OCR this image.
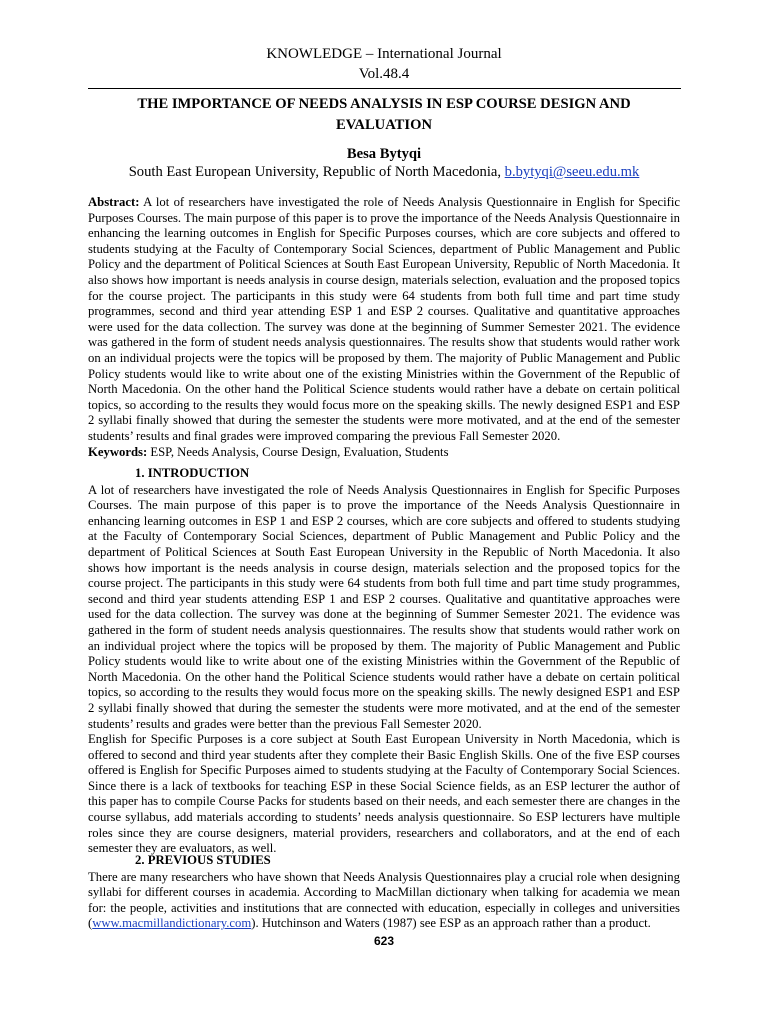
KNOWLEDGE – International Journal
Vol.48.4
THE IMPORTANCE OF NEEDS ANALYSIS IN ESP COURSE DESIGN AND EVALUATION
Besa Bytyqi
South East European University, Republic of North Macedonia, b.bytyqi@seeu.edu.mk

Abstract: A lot of researchers have investigated the role of Needs Analysis Questionnaire in English for Specific Purposes Courses. The main purpose of this paper is to prove the importance of the Needs Analysis Questionnaire in enhancing the learning outcomes in English for Specific Purposes courses, which are core subjects and offered to students studying at the Faculty of Contemporary Social Sciences, department of Public Management and Public Policy and the department of Political Sciences at South East European University, Republic of North Macedonia. It also shows how important is needs analysis in course design, materials selection, evaluation and the proposed topics for the course project. The participants in this study were 64 students from both full time and part time study programmes, second and third year attending ESP 1 and ESP 2 courses. Qualitative and quantitative approaches were used for the data collection. The survey was done at the beginning of Summer Semester 2021. The evidence was gathered in the form of student needs analysis questionnaires. The results show that students would rather work on an individual projects were the topics will be proposed by them. The majority of Public Management and Public Policy students would like to write about one of the existing Ministries within the Government of the Republic of North Macedonia. On the other hand the Political Science students would rather have a debate on certain political topics, so according to the results they would focus more on the speaking skills. The newly designed ESP1 and ESP 2 syllabi finally showed that during the semester the students were more motivated, and at the end of the semester students’ results and final grades were improved comparing the previous Fall Semester 2020.

Keywords: ESP, Needs Analysis, Course Design, Evaluation, Students

1. INTRODUCTION

A lot of researchers have investigated the role of Needs Analysis Questionnaires in English for Specific Purposes Courses. The main purpose of this paper is to prove the importance of the Needs Analysis Questionnaire in enhancing learning outcomes in ESP 1 and ESP 2 courses, which are core subjects and offered to students studying at the Faculty of Contemporary Social Sciences, department of Public Management and Public Policy and the department of Political Sciences at South East European University in the Republic of North Macedonia. It also shows how important is the needs analysis in course design, materials selection and the proposed topics for the course project. The participants in this study were 64 students from both full time and part time study programmes, second and third year students attending ESP 1 and ESP 2 courses. Qualitative and quantitative approaches were used for the data collection. The survey was done at the beginning of Summer Semester 2021. The evidence was gathered in the form of student needs analysis questionnaires. The results show that students would rather work on an individual project where the topics will be proposed by them. The majority of Public Management and Public Policy students would like to write about one of the existing Ministries within the Government of the Republic of North Macedonia. On the other hand the Political Science students would rather have a debate on certain political topics, so according to the results they would focus more on the speaking skills. The newly designed ESP1 and ESP 2 syllabi finally showed that during the semester the students were more motivated, and at the end of the semester students’ results and grades were better than the previous Fall Semester 2020.

English for Specific Purposes is a core subject at South East European University in North Macedonia, which is offered to second and third year students after they complete their Basic English Skills. One of the five ESP courses offered is English for Specific Purposes aimed to students studying at the Faculty of Contemporary Social Sciences. Since there is a lack of textbooks for teaching ESP in these Social Science fields, as an ESP lecturer the author of this paper has to compile Course Packs for students based on their needs, and each semester there are changes in the course syllabus, add materials according to students’ needs analysis questionnaire. So ESP lecturers have multiple roles since they are course designers, material providers, researchers and collaborators, and at the end of each semester they are evaluators, as well.

2. PREVIOUS STUDIES

There are many researchers who have shown that Needs Analysis Questionnaires play a crucial role when designing syllabi for different courses in academia. According to MacMillan dictionary when talking for academia we mean for: the people, activities and institutions that are connected with education, especially in colleges and universities (www.macmillandictionary.com). Hutchinson and Waters (1987) see ESP as an approach rather than a product.

623
